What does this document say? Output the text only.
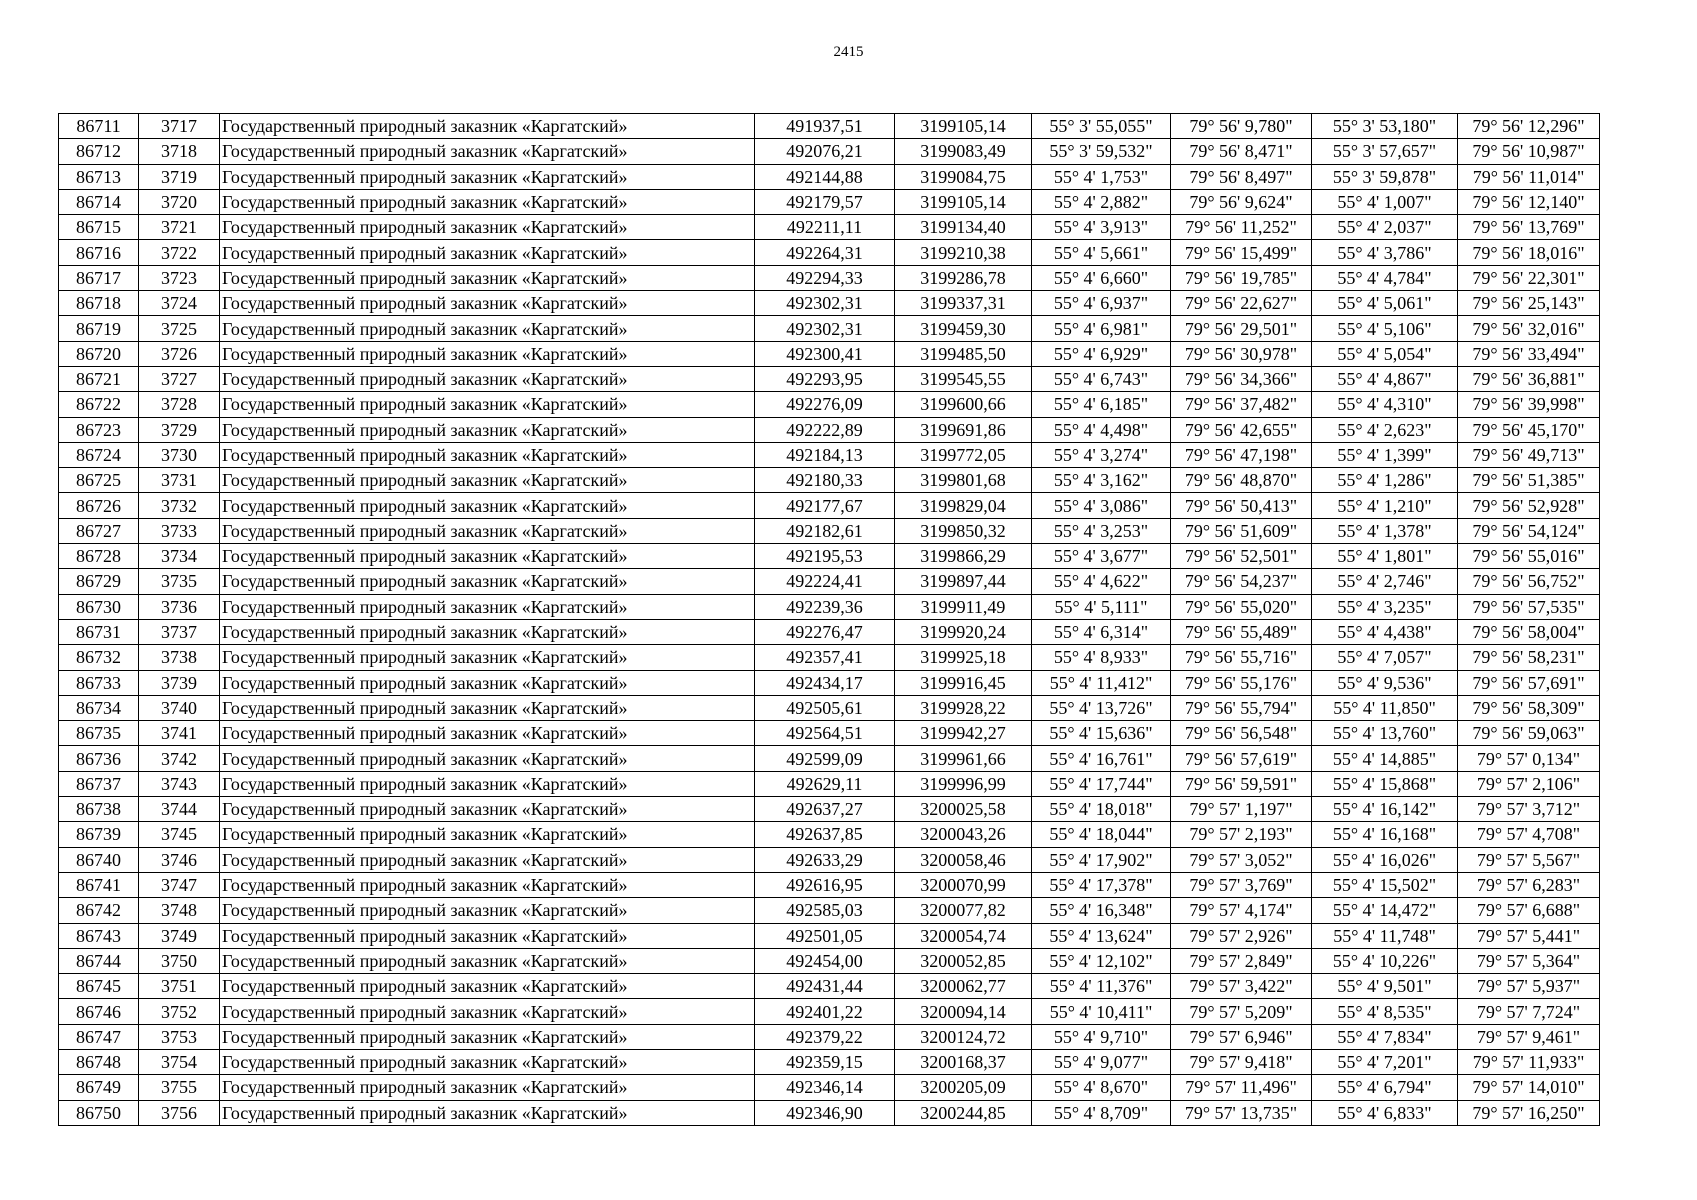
2415
86711	3717	Государственный природный заказник «Каргатский»	491937,51	3199105,14	55° 3' 55,055"	79° 56' 9,780"	55° 3' 53,180"	79° 56' 12,296"
86712	3718	Государственный природный заказник «Каргатский»	492076,21	3199083,49	55° 3' 59,532"	79° 56' 8,471"	55° 3' 57,657"	79° 56' 10,987"
86713	3719	Государственный природный заказник «Каргатский»	492144,88	3199084,75	55° 4' 1,753"	79° 56' 8,497"	55° 3' 59,878"	79° 56' 11,014"
86714	3720	Государственный природный заказник «Каргатский»	492179,57	3199105,14	55° 4' 2,882"	79° 56' 9,624"	55° 4' 1,007"	79° 56' 12,140"
86715	3721	Государственный природный заказник «Каргатский»	492211,11	3199134,40	55° 4' 3,913"	79° 56' 11,252"	55° 4' 2,037"	79° 56' 13,769"
86716	3722	Государственный природный заказник «Каргатский»	492264,31	3199210,38	55° 4' 5,661"	79° 56' 15,499"	55° 4' 3,786"	79° 56' 18,016"
86717	3723	Государственный природный заказник «Каргатский»	492294,33	3199286,78	55° 4' 6,660"	79° 56' 19,785"	55° 4' 4,784"	79° 56' 22,301"
86718	3724	Государственный природный заказник «Каргатский»	492302,31	3199337,31	55° 4' 6,937"	79° 56' 22,627"	55° 4' 5,061"	79° 56' 25,143"
86719	3725	Государственный природный заказник «Каргатский»	492302,31	3199459,30	55° 4' 6,981"	79° 56' 29,501"	55° 4' 5,106"	79° 56' 32,016"
86720	3726	Государственный природный заказник «Каргатский»	492300,41	3199485,50	55° 4' 6,929"	79° 56' 30,978"	55° 4' 5,054"	79° 56' 33,494"
86721	3727	Государственный природный заказник «Каргатский»	492293,95	3199545,55	55° 4' 6,743"	79° 56' 34,366"	55° 4' 4,867"	79° 56' 36,881"
86722	3728	Государственный природный заказник «Каргатский»	492276,09	3199600,66	55° 4' 6,185"	79° 56' 37,482"	55° 4' 4,310"	79° 56' 39,998"
86723	3729	Государственный природный заказник «Каргатский»	492222,89	3199691,86	55° 4' 4,498"	79° 56' 42,655"	55° 4' 2,623"	79° 56' 45,170"
86724	3730	Государственный природный заказник «Каргатский»	492184,13	3199772,05	55° 4' 3,274"	79° 56' 47,198"	55° 4' 1,399"	79° 56' 49,713"
86725	3731	Государственный природный заказник «Каргатский»	492180,33	3199801,68	55° 4' 3,162"	79° 56' 48,870"	55° 4' 1,286"	79° 56' 51,385"
86726	3732	Государственный природный заказник «Каргатский»	492177,67	3199829,04	55° 4' 3,086"	79° 56' 50,413"	55° 4' 1,210"	79° 56' 52,928"
86727	3733	Государственный природный заказник «Каргатский»	492182,61	3199850,32	55° 4' 3,253"	79° 56' 51,609"	55° 4' 1,378"	79° 56' 54,124"
86728	3734	Государственный природный заказник «Каргатский»	492195,53	3199866,29	55° 4' 3,677"	79° 56' 52,501"	55° 4' 1,801"	79° 56' 55,016"
86729	3735	Государственный природный заказник «Каргатский»	492224,41	3199897,44	55° 4' 4,622"	79° 56' 54,237"	55° 4' 2,746"	79° 56' 56,752"
86730	3736	Государственный природный заказник «Каргатский»	492239,36	3199911,49	55° 4' 5,111"	79° 56' 55,020"	55° 4' 3,235"	79° 56' 57,535"
86731	3737	Государственный природный заказник «Каргатский»	492276,47	3199920,24	55° 4' 6,314"	79° 56' 55,489"	55° 4' 4,438"	79° 56' 58,004"
86732	3738	Государственный природный заказник «Каргатский»	492357,41	3199925,18	55° 4' 8,933"	79° 56' 55,716"	55° 4' 7,057"	79° 56' 58,231"
86733	3739	Государственный природный заказник «Каргатский»	492434,17	3199916,45	55° 4' 11,412"	79° 56' 55,176"	55° 4' 9,536"	79° 56' 57,691"
86734	3740	Государственный природный заказник «Каргатский»	492505,61	3199928,22	55° 4' 13,726"	79° 56' 55,794"	55° 4' 11,850"	79° 56' 58,309"
86735	3741	Государственный природный заказник «Каргатский»	492564,51	3199942,27	55° 4' 15,636"	79° 56' 56,548"	55° 4' 13,760"	79° 56' 59,063"
86736	3742	Государственный природный заказник «Каргатский»	492599,09	3199961,66	55° 4' 16,761"	79° 56' 57,619"	55° 4' 14,885"	79° 57' 0,134"
86737	3743	Государственный природный заказник «Каргатский»	492629,11	3199996,99	55° 4' 17,744"	79° 56' 59,591"	55° 4' 15,868"	79° 57' 2,106"
86738	3744	Государственный природный заказник «Каргатский»	492637,27	3200025,58	55° 4' 18,018"	79° 57' 1,197"	55° 4' 16,142"	79° 57' 3,712"
86739	3745	Государственный природный заказник «Каргатский»	492637,85	3200043,26	55° 4' 18,044"	79° 57' 2,193"	55° 4' 16,168"	79° 57' 4,708"
86740	3746	Государственный природный заказник «Каргатский»	492633,29	3200058,46	55° 4' 17,902"	79° 57' 3,052"	55° 4' 16,026"	79° 57' 5,567"
86741	3747	Государственный природный заказник «Каргатский»	492616,95	3200070,99	55° 4' 17,378"	79° 57' 3,769"	55° 4' 15,502"	79° 57' 6,283"
86742	3748	Государственный природный заказник «Каргатский»	492585,03	3200077,82	55° 4' 16,348"	79° 57' 4,174"	55° 4' 14,472"	79° 57' 6,688"
86743	3749	Государственный природный заказник «Каргатский»	492501,05	3200054,74	55° 4' 13,624"	79° 57' 2,926"	55° 4' 11,748"	79° 57' 5,441"
86744	3750	Государственный природный заказник «Каргатский»	492454,00	3200052,85	55° 4' 12,102"	79° 57' 2,849"	55° 4' 10,226"	79° 57' 5,364"
86745	3751	Государственный природный заказник «Каргатский»	492431,44	3200062,77	55° 4' 11,376"	79° 57' 3,422"	55° 4' 9,501"	79° 57' 5,937"
86746	3752	Государственный природный заказник «Каргатский»	492401,22	3200094,14	55° 4' 10,411"	79° 57' 5,209"	55° 4' 8,535"	79° 57' 7,724"
86747	3753	Государственный природный заказник «Каргатский»	492379,22	3200124,72	55° 4' 9,710"	79° 57' 6,946"	55° 4' 7,834"	79° 57' 9,461"
86748	3754	Государственный природный заказник «Каргатский»	492359,15	3200168,37	55° 4' 9,077"	79° 57' 9,418"	55° 4' 7,201"	79° 57' 11,933"
86749	3755	Государственный природный заказник «Каргатский»	492346,14	3200205,09	55° 4' 8,670"	79° 57' 11,496"	55° 4' 6,794"	79° 57' 14,010"
86750	3756	Государственный природный заказник «Каргатский»	492346,90	3200244,85	55° 4' 8,709"	79° 57' 13,735"	55° 4' 6,833"	79° 57' 16,250"
